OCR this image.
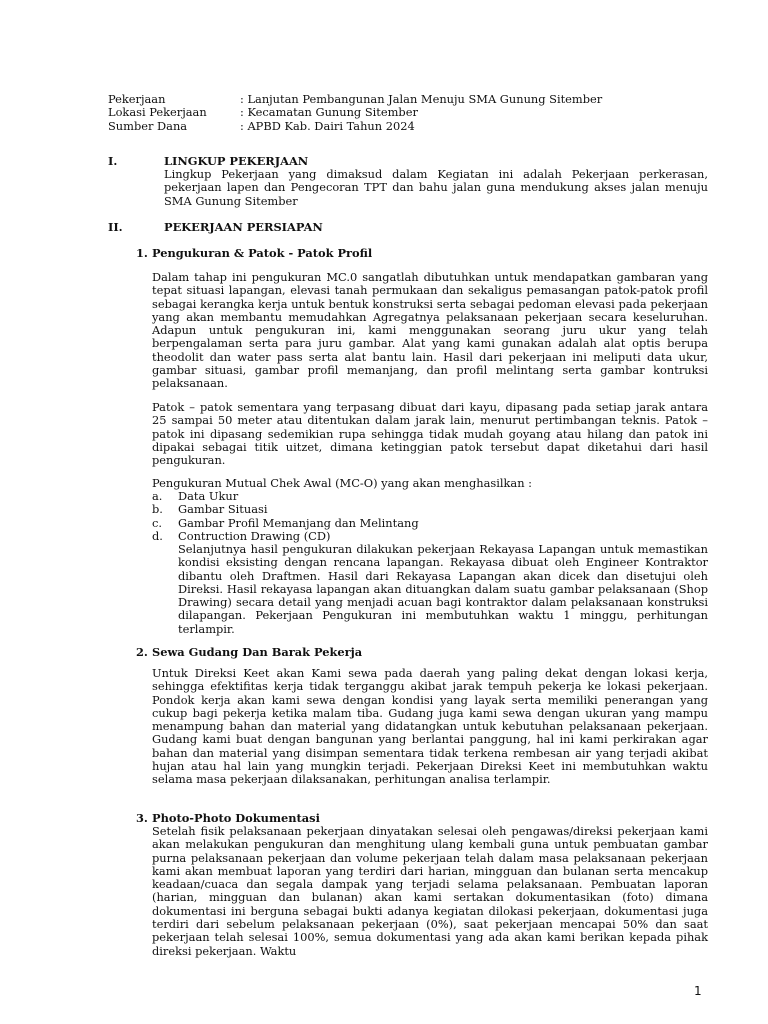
Pekerjaan	: Lanjutan Pembangunan Jalan Menuju SMA Gunung Sitember
Lokasi Pekerjaan	: Kecamatan Gunung Sitember
Sumber Dana	: APBD Kab. Dairi Tahun 2024
I.	LINGKUP PEKERJAAN

Lingkup Pekerjaan yang dimaksud dalam Kegiatan ini adalah Pekerjaan perkerasan, pekerjaan lapen dan Pengecoran TPT dan bahu jalan guna mendukung akses jalan menuju SMA Gunung Sitember

II.	PEKERJAAN PERSIAPAN
1. Pengukuran & Patok - Patok Profil

Dalam tahap ini pengukuran MC.0 sangatlah dibutuhkan untuk mendapatkan gambaran yang tepat situasi lapangan, elevasi tanah permukaan dan sekaligus pemasangan patok-patok profil sebagai kerangka kerja untuk bentuk konstruksi serta sebagai pedoman elevasi pada pekerjaan yang akan membantu memudahkan Agregatnya pelaksanaan pekerjaan secara keseluruhan. Adapun untuk pengukuran ini, kami menggunakan seorang juru ukur yang telah berpengalaman serta para juru gambar. Alat yang kami gunakan adalah alat optis berupa theodolit dan water pass serta alat bantu lain. Hasil dari pekerjaan ini meliputi data ukur, gambar situasi, gambar profil memanjang, dan profil melintang serta gambar kontruksi pelaksanaan.

Patok – patok sementara yang terpasang dibuat dari kayu, dipasang pada setiap jarak antara 25 sampai 50 meter atau ditentukan dalam jarak lain, menurut pertimbangan teknis. Patok – patok ini dipasang sedemikian rupa sehingga tidak mudah goyang atau hilang dan patok ini dipakai sebagai titik uitzet, dimana ketinggian patok tersebut dapat diketahui dari hasil pengukuran.

Pengukuran Mutual Chek Awal (MC-O) yang akan menghasilkan :

a.	Data Ukur
b.	Gambar Situasi
c.	Gambar Profil Memanjang dan Melintang
d.	Contruction Drawing (CD)

Selanjutnya hasil pengukuran dilakukan pekerjaan Rekayasa Lapangan untuk memastikan kondisi eksisting dengan rencana lapangan. Rekayasa dibuat oleh Engineer Kontraktor dibantu oleh Draftmen. Hasil dari Rekayasa Lapangan akan dicek dan disetujui oleh Direksi. Hasil rekayasa lapangan akan dituangkan dalam suatu gambar pelaksanaan (Shop Drawing) secara detail yang menjadi acuan bagi kontraktor dalam pelaksanaan konstruksi dilapangan. Pekerjaan Pengukuran ini membutuhkan waktu 1 minggu, perhitungan terlampir.

2. Sewa Gudang Dan Barak Pekerja

Untuk Direksi Keet akan Kami sewa pada daerah yang paling dekat dengan lokasi kerja, sehingga efektifitas kerja tidak terganggu akibat jarak tempuh pekerja ke lokasi pekerjaan. Pondok kerja akan kami sewa dengan kondisi yang layak serta memiliki penerangan yang cukup bagi pekerja ketika malam tiba. Gudang juga kami sewa dengan ukuran yang mampu menampung bahan dan material yang didatangkan untuk kebutuhan pelaksanaan pekerjaan. Gudang kami buat dengan bangunan yang berlantai panggung, hal ini kami perkirakan agar bahan dan material yang disimpan sementara tidak terkena rembesan air yang terjadi akibat hujan atau hal lain yang mungkin terjadi. Pekerjaan Direksi Keet ini membutuhkan waktu selama masa pekerjaan dilaksanakan, perhitungan analisa terlampir.

3. Photo-Photo Dokumentasi

Setelah fisik pelaksanaan pekerjaan dinyatakan selesai oleh pengawas/direksi pekerjaan kami akan melakukan pengukuran dan menghitung ulang kembali guna untuk pembuatan gambar purna pelaksanaan pekerjaan dan volume pekerjaan telah dalam masa pelaksanaan pekerjaan kami akan membuat laporan yang terdiri dari harian, mingguan dan bulanan serta mencakup keadaan/cuaca dan segala dampak yang terjadi selama pelaksanaan. Pembuatan laporan (harian, mingguan dan bulanan) akan kami sertakan dokumentasikan (foto) dimana dokumentasi ini berguna sebagai bukti adanya kegiatan dilokasi pekerjaan, dokumentasi juga terdiri dari sebelum pelaksanaan pekerjaan (0%), saat pekerjaan mencapai 50% dan saat pekerjaan telah selesai 100%, semua dokumentasi yang ada akan kami berikan kepada pihak direksi pekerjaan. Waktu

1
